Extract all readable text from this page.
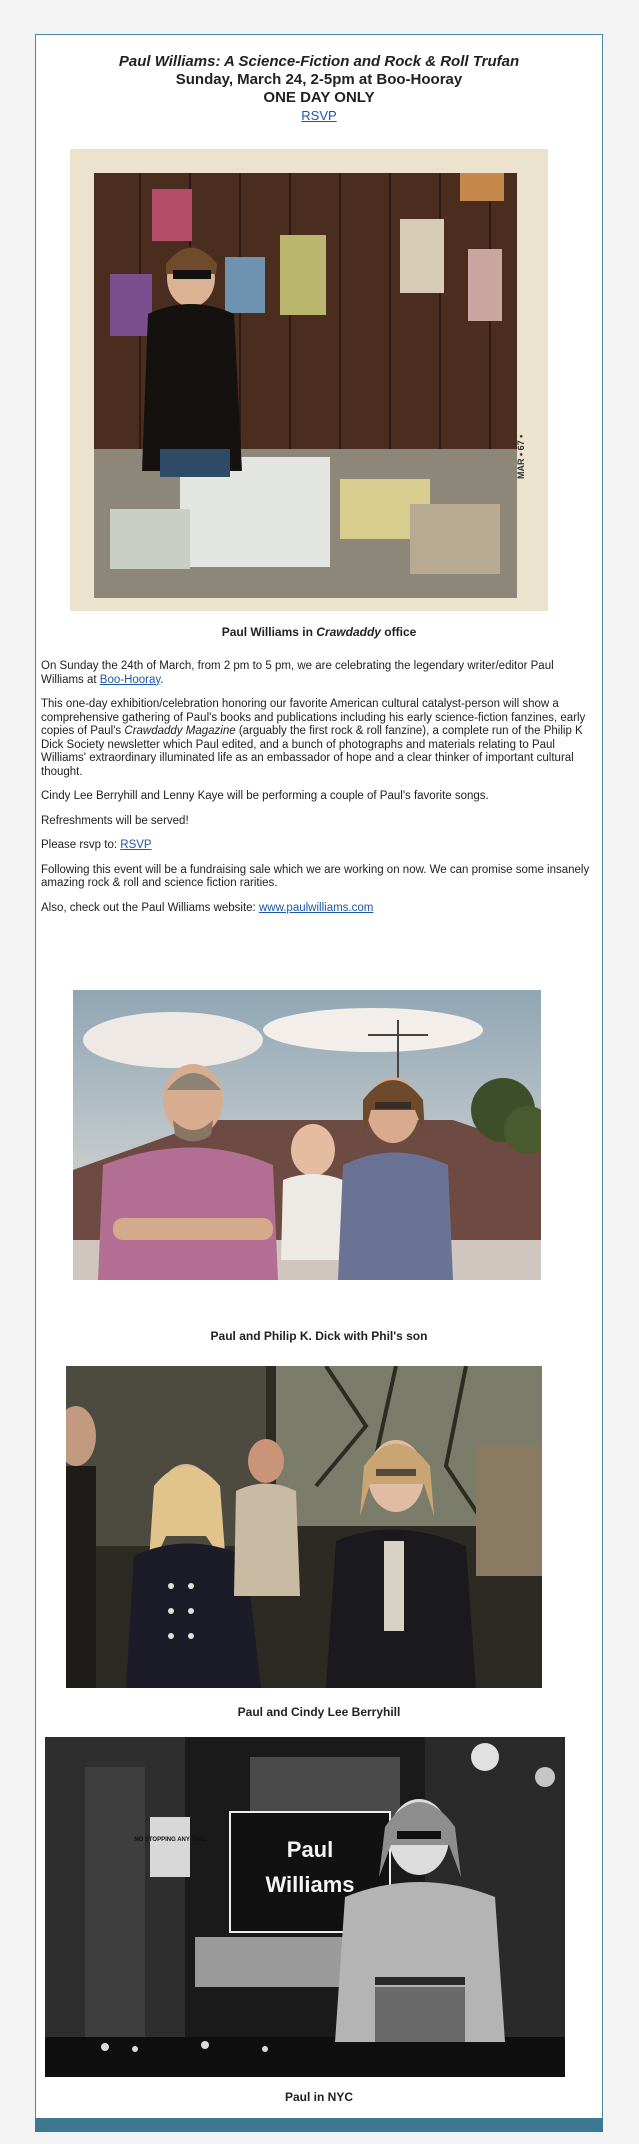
Paul Williams: A Science-Fiction and Rock & Roll Trufan
Sunday, March 24, 2-5pm at Boo-Hooray
ONE DAY ONLY
RSVP
MAR • 67 •
Paul Williams in Crawdaddy office

On Sunday the 24th of March, from 2 pm to 5 pm, we are celebrating the legendary writer/editor Paul Williams at Boo-Hooray.

This one-day exhibition/celebration honoring our favorite American cultural catalyst-person will show a comprehensive gathering of Paul's books and publications including his early science-fiction fanzines, early copies of Paul's Crawdaddy Magazine (arguably the first rock & roll fanzine), a complete run of the Philip K Dick Society newsletter which Paul edited, and a bunch of photographs and materials relating to Paul Williams' extraordinary illuminated life as an embassador of hope and a clear thinker of important cultural thought.

Cindy Lee Berryhill and Lenny Kaye will be performing a couple of Paul's favorite songs.

Refreshments will be served!

Please rsvp to: RSVP

Following this event will be a fundraising sale which we are working on now. We can promise some insanely amazing rock & roll and science fiction rarities.

Also, check out the Paul Williams website: www.paulwilliams.com

Paul and Philip K. Dick with Phil's son
Paul and Cindy Lee Berryhill
NO STOPPING ANY TIME	Paul
Williams
Paul in NYC
